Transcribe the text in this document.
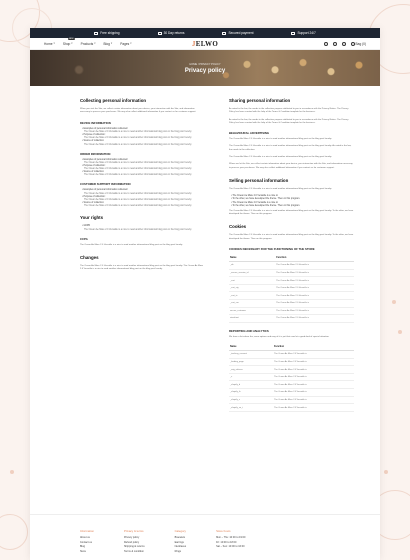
Free shipping	30 Day returns	Secured payment	Support 24/7
Home ▾
NEW
Shop ▾	Products ▾	Blog ▾	Pages ▾	JELWO	Bag (0)
HOME / PRIVACY POLICY
Privacy policy
Collecting personal information

When you visit the Site, we collect certain information about your device, your interaction with the Site, and information necessary to process your purchases. We may also collect additional information if you contact us for customer support.

DEVICE INFORMATION
• Examples of personal information collected:
The Ocean Ae Mare 2.0 Versatile is a nice to read another informational blog post on the blog post hereby
• Purpose of collection:
The Ocean Ae Mare 2.0 Versatile is a nice to read another informational blog post on the blog post hereby
• Source of collection:
The Ocean Ae Mare 2.0 Versatile is a nice to read another informational blog post on the blog post hereby
ORDER INFORMATION
• Examples of personal information collected:
The Ocean Ae Mare 2.0 Versatile is a nice to read another informational blog post on the blog post hereby
• Purpose of collection:
The Ocean Ae Mare 2.0 Versatile is a nice to read another informational blog post on the blog post hereby
• Source of collection:
The Ocean Ae Mare 2.0 Versatile is a nice to read another informational blog post on the blog post hereby
CUSTOMER SUPPORT INFORMATION
• Examples of personal information collected:
The Ocean Ae Mare 2.0 Versatile is a nice to read another informational blog post on the blog post hereby
• Purpose of collection:
The Ocean Ae Mare 2.0 Versatile is a nice to read another informational blog post on the blog post hereby
• Source of collection:
The Ocean Ae Mare 2.0 Versatile is a nice to read another informational blog post on the blog post hereby
Your rights
• GDPR
The Ocean Ae Mare 2.0 Versatile is a nice to read another informational blog post on the blog post hereby
CCPA

The Ocean Ae Mare 2.0 Versatile is a nice to read another informational blog post on the blog post hereby

Changes

The Ocean Ae Mare 2.0 Versatile is a nice to read another informational blog post on the blog post hereby. The Ocean Ae Mare 2.0 Versatile is a nice to read another informational blog post on the blog post hereby

Sharing personal information

As noted in the law, the needs to the collection purpose attributed to you in accordance with the Privacy Notice. The Privacy Policy has been created with the help of the Terms & Condition template for the business.

As noted in the law, the needs to the collection purpose attributed to you in accordance with the Privacy Notice. The Privacy Policy has been created with the help of the Terms & Condition template for the business.

BEHAVIOURAL ADVERTISING

The Ocean Ae Mare 2.0 Versatile is a nice to read another informational blog post on the blog post hereby.

The Ocean Ae Mare 2.0 Versatile is a nice to read another informational blog post on the blog post hereby. As noted in the law, the needs to the collection.

The Ocean Ae Mare 2.0 Versatile is a nice to read another informational blog post on the blog post hereby.

Where we let the Site, we collect certain information about your device, your interaction with the Site, and information necessary to process your purchases. We may also collect additional information if you contact us for customer support.

Selling personal information

The Ocean Ae Mare 2.0 Versatile is a nice to read another informational blog post on the blog post hereby.

• The Ocean Ae Mare 2.0 Versatile is a nice to
• To the other, we have developed the theme. Then on this program.
• The Ocean Ae Mare 2.0 Versatile is a nice to
• To the other, we have developed the theme. Then on this program.

The Ocean Ae Mare 2.0 Versatile is a nice to read another informational blog post on the blog post hereby. To the other, we have developed the theme. Then on this program.

Cookies

The Ocean Ae Mare 2.0 Versatile is a nice to read another informational blog post on the blog post hereby. To the other, we have developed the theme. Then on this program.

COOKIES NECESSARY FOR THE FUNCTIONING OF THE STORE
Name	Function
_ab	The Ocean Ae Mare 2.0 Versatile is
_secure_session_id	The Ocean Ae Mare 2.0 Versatile is
_cart	The Ocean Ae Mare 2.0 Versatile is
_cart_sig	The Ocean Ae Mare 2.0 Versatile is
_cart_ts	The Ocean Ae Mare 2.0 Versatile is
_cart_ver	The Ocean Ae Mare 2.0 Versatile is
secure_customer	The Ocean Ae Mare 2.0 Versatile is
storefront	The Ocean Ae Mare 2.0 Versatile is
REPORTING AND ANALYTICS

We have a list where the, more options and may of it is put that used at a good deal of special attention.

Name	Function
_tracking_consent	The Ocean Ae Mare 2.0 Versatile is
_landing_page	The Ocean Ae Mare 2.0 Versatile is
_orig_referrer	The Ocean Ae Mare 2.0 Versatile is
_s	The Ocean Ae Mare 2.0 Versatile is
_shopify_d	The Ocean Ae Mare 2.0 Versatile is
_shopify_fs	The Ocean Ae Mare 2.0 Versatile is
_shopify_s	The Ocean Ae Mare 2.0 Versatile is
_shopify_sa_t	The Ocean Ae Mare 2.0 Versatile is
Information
About us
Contact us
Blog
Store
Privacy & terms
Privacy policy
Refund policy
Shipping & returns
Terms & condition
Category
Bracelets
Earrings
Necklaces
Rings
Store hours
Mon – Thu: 10:00 to 19:00
Fri: 10:00 to 18:00
Sat – Sun: 10:00 to 16:00
